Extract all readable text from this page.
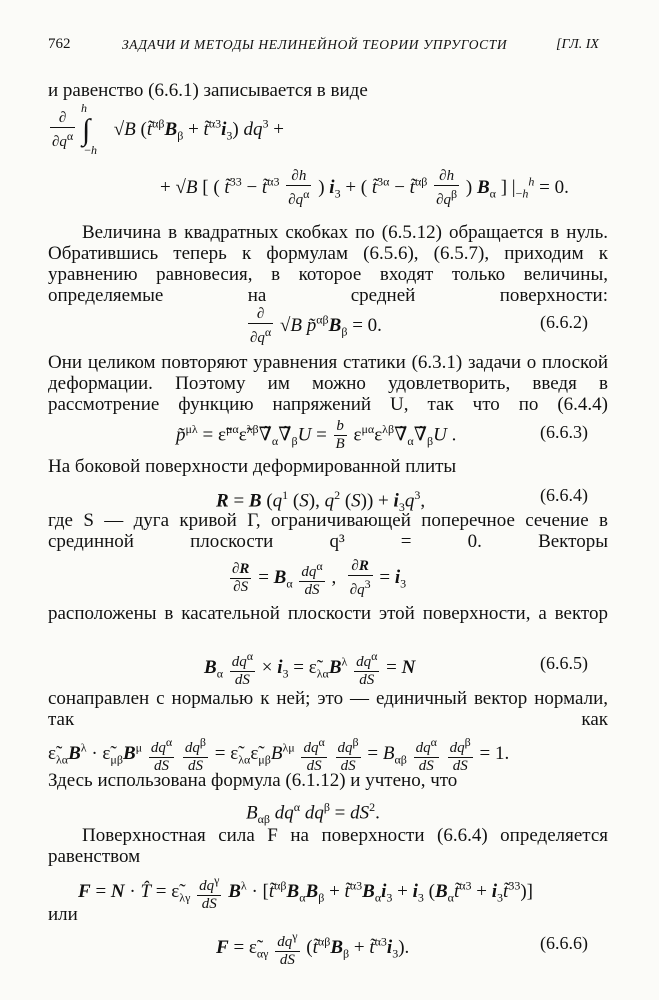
762	ЗАДАЧИ И МЕТОДЫ НЕЛИНЕЙНОЙ ТЕОРИИ УПРУГОСТИ	[ГЛ. IX
и равенство (6.6.1) записывается в виде
$\frac{\partial}{\partial q^\alpha} \int_{-h}^h$ √B ($t̃^{\alpha\beta}B_\beta$ + $t̃^{\alpha 3}i_3$) $dq^3$ +
+ √B [ ( t̃$^{33}$ − t̃$^{\alpha 3}$ $\frac{\partial h}{\partial q^\alpha}$ ) $i_3$ + ( t̃$^{3\alpha}$ − t̃$^{\alpha\beta}$ $\frac{\partial h}{\partial q^\beta}$ ) $B_\alpha$ ] $|_{-h}^h = 0$.
Величина в квадратных скобках по (6.5.12) обращается в нуль. Обратившись теперь к формулам (6.5.6), (6.5.7), приходим к уравнению равновесия, в которое входят только величины, определяемые на средней поверхности:
$\frac{\partial}{\partial q^\alpha} √B$ $p̃^{\alpha\beta}B_\beta = 0$.	(6.6.2)
Они целиком повторяют уравнения статики (6.3.1) задачи о плоской деформации. Поэтому им можно удовлетворить, введя в рассмотрение функцию напряжений U, так что по (6.4.4)
p̃$^{\mu\lambda}$ = $\varepsiloñ^{\mu\alpha}\varepsiloñ^{\lambda\beta}\nablã_\alpha\nablã_\beta U = \frac{b}{B}$ $\varepsilon^{\mu\alpha}\varepsilon^{\lambda\beta}\nablã_\alpha\nablã_\beta U$ .	(6.6.3)
На боковой поверхности деформированной плиты
R = B ($q^1$ (S), $q^2$ $(S)) + i_3q^3$,	(6.6.4)
где S — дуга кривой Γ, ограничивающей поперечное сечение в срединной плоскости q³ = 0. Векторы
$\frac{\partial R}{\partial S} = B_\alpha \frac{dq^\alpha}{dS}$ , $\frac{\partial R}{\partial q^3} = i_3$
расположены в касательной плоскости этой поверхности, а вектор
$B_\alpha \frac{dq^\alpha}{dS} \times i_3$ = $\varepsiloñ_{\lambda\alpha}B^\lambda \frac{dq^\alpha}{dS} = N$	(6.6.5)
сонаправлен с нормалью к ней; это — единичный вектор нормали, так как
$\varepsiloñ_{\lambda\alpha}B^\lambda$ · $\varepsiloñ_{\mu\beta}B^\mu \frac{dq^\alpha}{dS}$
$\frac{dq^\beta}{dS}$ = $\varepsiloñ_{\lambda\alpha}\varepsiloñ_{\mu\beta}B^{\lambda\mu} \frac{dq^\alpha}{dS}$
$\frac{dq^\beta}{dS} = B_{\alpha\beta} \frac{dq^\alpha}{dS}$
$\frac{dq^\beta}{dS} = 1$.
Здесь использована формула (6.1.12) и учтено, что
$B_{\alpha\beta}$ $dq^\alpha$ $dq^\beta = dS^2$.
Поверхностная сила F на поверхности (6.6.4) определяется равенством
F = N · T̂ = $\varepsiloñ_{\lambda\gamma} \frac{dq^\gamma}{dS} B^\lambda$ · [$t̃^{\alpha\beta}B_\alpha B_\beta$ + $t̃^{\alpha 3}B_\alpha i_3 + i_3$ ($B_\alpha t̃^{\alpha 3}$ + $i_3t̃^{33}$)]
или
$F = \varepsiloñ_{\alpha\gamma} \frac{dq^\gamma}{dS}$ ($t̃^{\alpha\beta}B_\beta$ + $t̃^{\alpha 3}i_3$).	(6.6.6)
